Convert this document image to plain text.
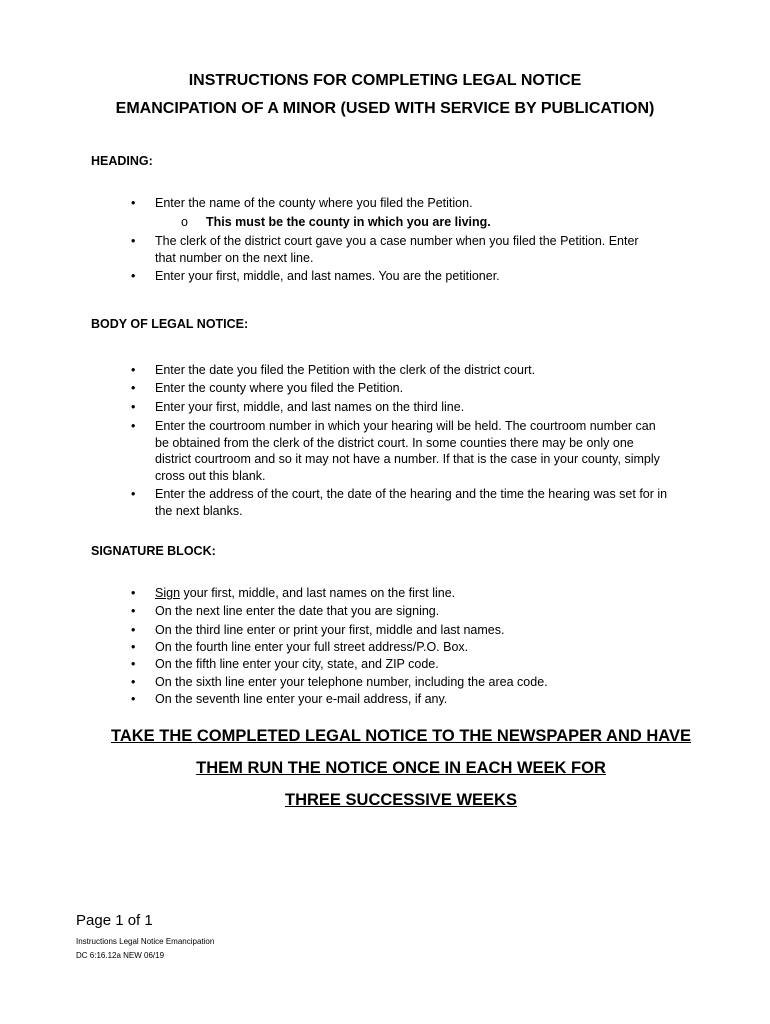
INSTRUCTIONS FOR COMPLETING LEGAL NOTICE
EMANCIPATION OF A MINOR (USED WITH SERVICE BY PUBLICATION)
HEADING:
• Enter the name of the county where you filed the Petition.
o This must be the county in which you are living.
• The clerk of the district court gave you a case number when you filed the Petition. Enter that number on the next line.
• Enter your first, middle, and last names. You are the petitioner.
BODY OF LEGAL NOTICE:
• Enter the date you filed the Petition with the clerk of the district court.
• Enter the county where you filed the Petition.
• Enter your first, middle, and last names on the third line.
• Enter the courtroom number in which your hearing will be held. The courtroom number can be obtained from the clerk of the district court. In some counties there may be only one district courtroom and so it may not have a number. If that is the case in your county, simply cross out this blank.
• Enter the address of the court, the date of the hearing and the time the hearing was set for in the next blanks.
SIGNATURE BLOCK:
• Sign your first, middle, and last names on the first line.
• On the next line enter the date that you are signing.
• On the third line enter or print your first, middle and last names.
• On the fourth line enter your full street address/P.O. Box.
• On the fifth line enter your city, state, and ZIP code.
• On the sixth line enter your telephone number, including the area code.
• On the seventh line enter your e-mail address, if any.
TAKE THE COMPLETED LEGAL NOTICE TO THE NEWSPAPER AND HAVE
THEM RUN THE NOTICE ONCE IN EACH WEEK FOR
THREE SUCCESSIVE WEEKS
Page 1 of 1
Instructions Legal Notice Emancipation
DC 6:16.12a NEW 06/19
